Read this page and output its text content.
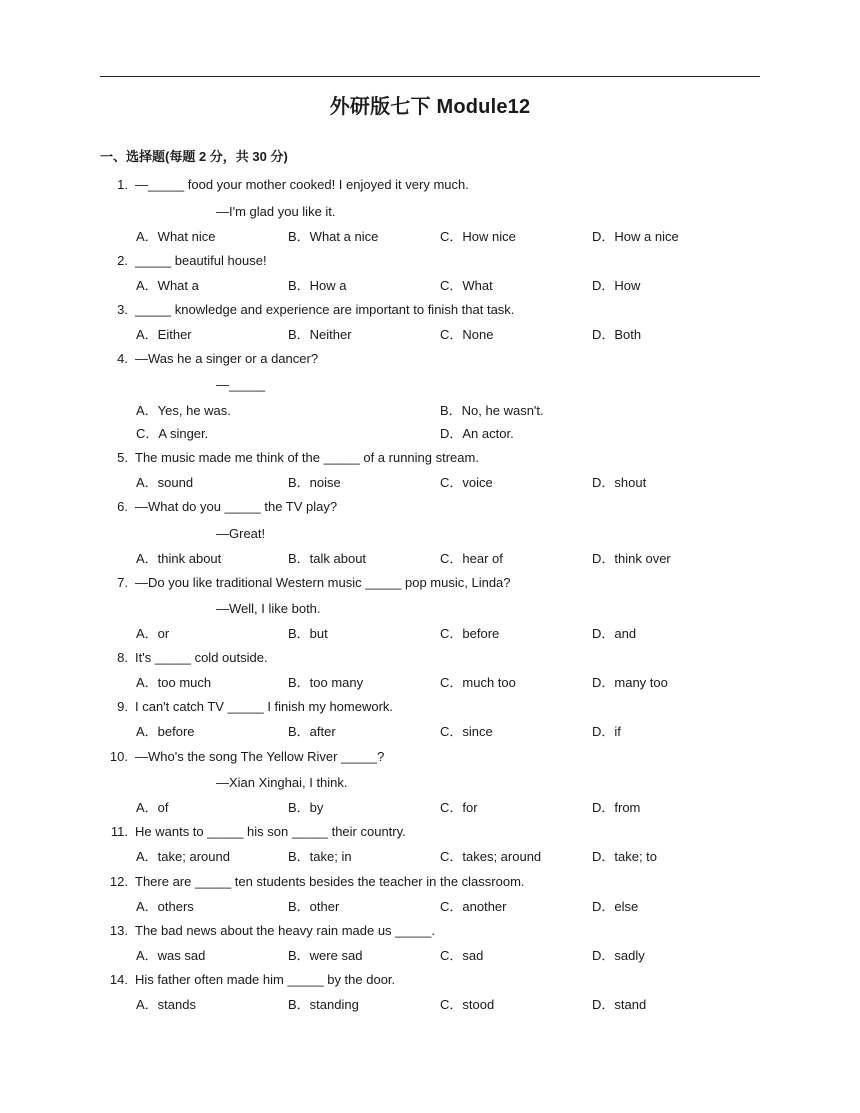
外研版七下 Module12
一、选择题(每题 2 分，共 30 分)
1. —_____ food your mother cooked! I enjoyed it very much.
—I'm glad you like it.
A．What nice	B．What a nice	C．How nice	D．How a nice
2. _____ beautiful house!
A．What a	B．How a	C．What	D．How
3. _____ knowledge and experience are important to finish that task.
A．Either	B．Neither	C．None	D．Both
4. —Was he a singer or a dancer?
—_____
A．Yes, he was.	B．No, he wasn't.
C．A singer.	D．An actor.
5. The music made me think of the _____ of a running stream.
A．sound	B．noise	C．voice	D．shout
6. —What do you _____ the TV play?
—Great!
A．think about	B．talk about	C．hear of	D．think over
7. —Do you like traditional Western music _____ pop music, Linda?
—Well, I like both.
A．or	B．but	C．before	D．and
8. It's _____ cold outside.
A．too much	B．too many	C．much too	D．many too
9. I can't catch TV _____ I finish my homework.
A．before	B．after	C．since	D．if
10. —Who's the song The Yellow River _____?
—Xian Xinghai, I think.
A．of	B．by	C．for	D．from
11. He wants to _____ his son _____ their country.
A．take; around	B．take; in	C．takes; around	D．take; to
12. There are _____ ten students besides the teacher in the classroom.
A．others	B．other	C．another	D．else
13. The bad news about the heavy rain made us _____.
A．was sad	B．were sad	C．sad	D．sadly
14. His father often made him _____ by the door.
A．stands	B．standing	C．stood	D．stand
